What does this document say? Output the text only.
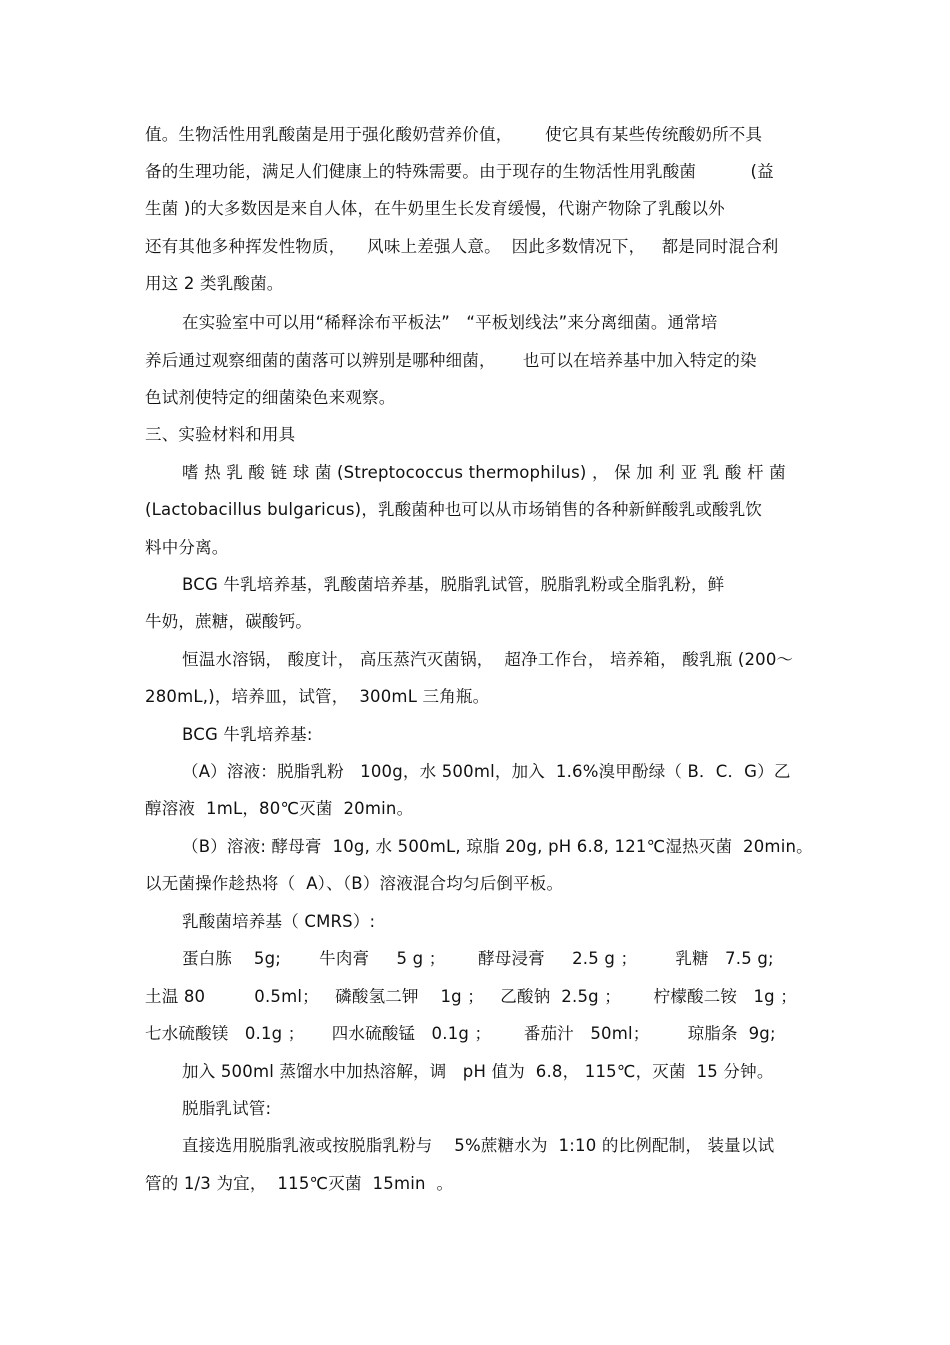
值。生物活性用乳酸菌是用于强化酸奶营养价值，      使它具有某些传统酸奶所不具
备的生理功能，满足人们健康上的特殊需要。由于现存的生物活性用乳酸菌          (益
生菌 )的大多数因是来自人体，在牛奶里生长发育缓慢，代谢产物除了乳酸以外
还有其他多种挥发性物质，    风味上差强人意。  因此多数情况下，   都是同时混合利
用这 2 类乳酸菌。
在实验室中可以用“稀释涂布平板法”   “平板划线法”来分离细菌。通常培
养后通过观察细菌的菌落可以辨别是哪种细菌，     也可以在培养基中加入特定的染
色试剂使特定的细菌染色来观察。
三、实验材料和用具
嗜 热 乳 酸 链 球 菌 (Streptococcus thermophilus) ， 保 加 利 亚 乳 酸 杆 菌
(Lactobacillus bulgaricus)，乳酸菌种也可以从市场销售的各种新鲜酸乳或酸乳饮
料中分离。
BCG 牛乳培养基，乳酸菌培养基，脱脂乳试管，脱脂乳粉或全脂乳粉，鲜
牛奶，蔗糖，碳酸钙。
恒温水溶锅， 酸度计， 高压蒸汽灭菌锅，  超净工作台， 培养箱， 酸乳瓶 (200～
280mL,)，培养皿，试管，  300mL 三角瓶。
BCG 牛乳培养基:
（A）溶液：脱脂乳粉   100g，水 500ml，加入  1.6%溴甲酚绿（ B．C．G）乙
醇溶液  1mL，80℃灭菌  20min。
（B）溶液: 酵母膏  10g, 水 500mL, 琼脂 20g, pH 6.8, 121℃湿热灭菌  20min。
以无菌操作趁热将（  A）、（B）溶液混合均匀后倒平板。
乳酸菌培养基（ CMRS）:
蛋白胨    5g;       牛肉膏     5 g ；      酵母浸膏     2.5 g ；       乳糖   7.5 g;
土温 80         0.5ml；   磷酸氢二钾    1g ；   乙酸钠  2.5g ；      柠檬酸二铵   1g ；
七水硫酸镁   0.1g ；     四水硫酸锰   0.1g ；      番茄汁   50ml；       琼脂条  9g;
加入 500ml 蒸馏水中加热溶解，调   pH 值为  6.8， 115℃，灭菌  15 分钟。
脱脂乳试管:
直接选用脱脂乳液或按脱脂乳粉与    5%蔗糖水为  1:10 的比例配制， 装量以试
管的 1/3 为宜，  115℃灭菌  15min  。
